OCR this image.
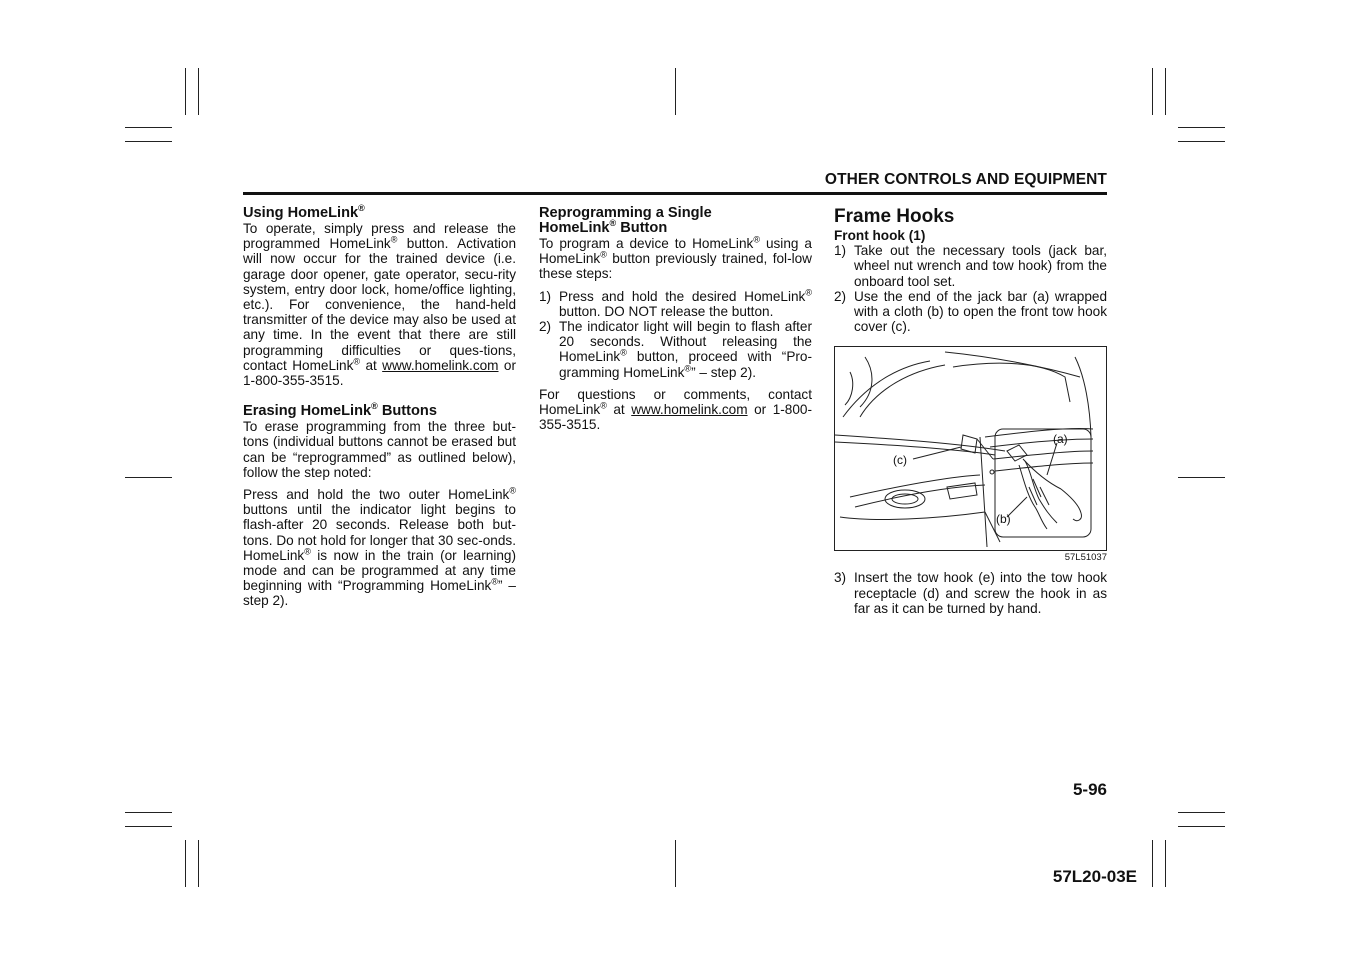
OTHER CONTROLS AND EQUIPMENT
Using HomeLink®

To operate, simply press and release the programmed HomeLink® button. Activation will now occur for the trained device (i.e. garage door opener, gate operator, secu-rity system, entry door lock, home/office lighting, etc.). For convenience, the hand-held transmitter of the device may also be used at any time. In the event that there are still programming difficulties or ques-tions, contact HomeLink® at www.homelink.com or 1-800-355-3515.

Erasing HomeLink® Buttons

To erase programming from the three but-tons (individual buttons cannot be erased but can be “reprogrammed” as outlined below), follow the step noted:

Press and hold the two outer HomeLink® buttons until the indicator light begins to flash-after 20 seconds. Release both but-tons. Do not hold for longer that 30 sec-onds. HomeLink® is now in the train (or learning) mode and can be programmed at any time beginning with “Programming HomeLink®” – step 2).

Reprogramming a Single
HomeLink® Button

To program a device to HomeLink® using a HomeLink® button previously trained, fol-low these steps:

1) Press and hold the desired HomeLink® button. DO NOT release the button.
2) The indicator light will begin to flash after 20 seconds. Without releasing the HomeLink® button, proceed with “Pro-gramming HomeLink®” – step 2).

For questions or comments, contact HomeLink® at www.homelink.com or 1-800-355-3515.

Frame Hooks
Front hook (1)
1) Take out the necessary tools (jack bar, wheel nut wrench and tow hook) from the onboard tool set.
2) Use the end of the jack bar (a) wrapped with a cloth (b) to open the front tow hook cover (c).
(c)
(a)
(b)
57L51037
3) Insert the tow hook (e) into the tow hook receptacle (d) and screw the hook in as far as it can be turned by hand.
5-96
57L20-03E
